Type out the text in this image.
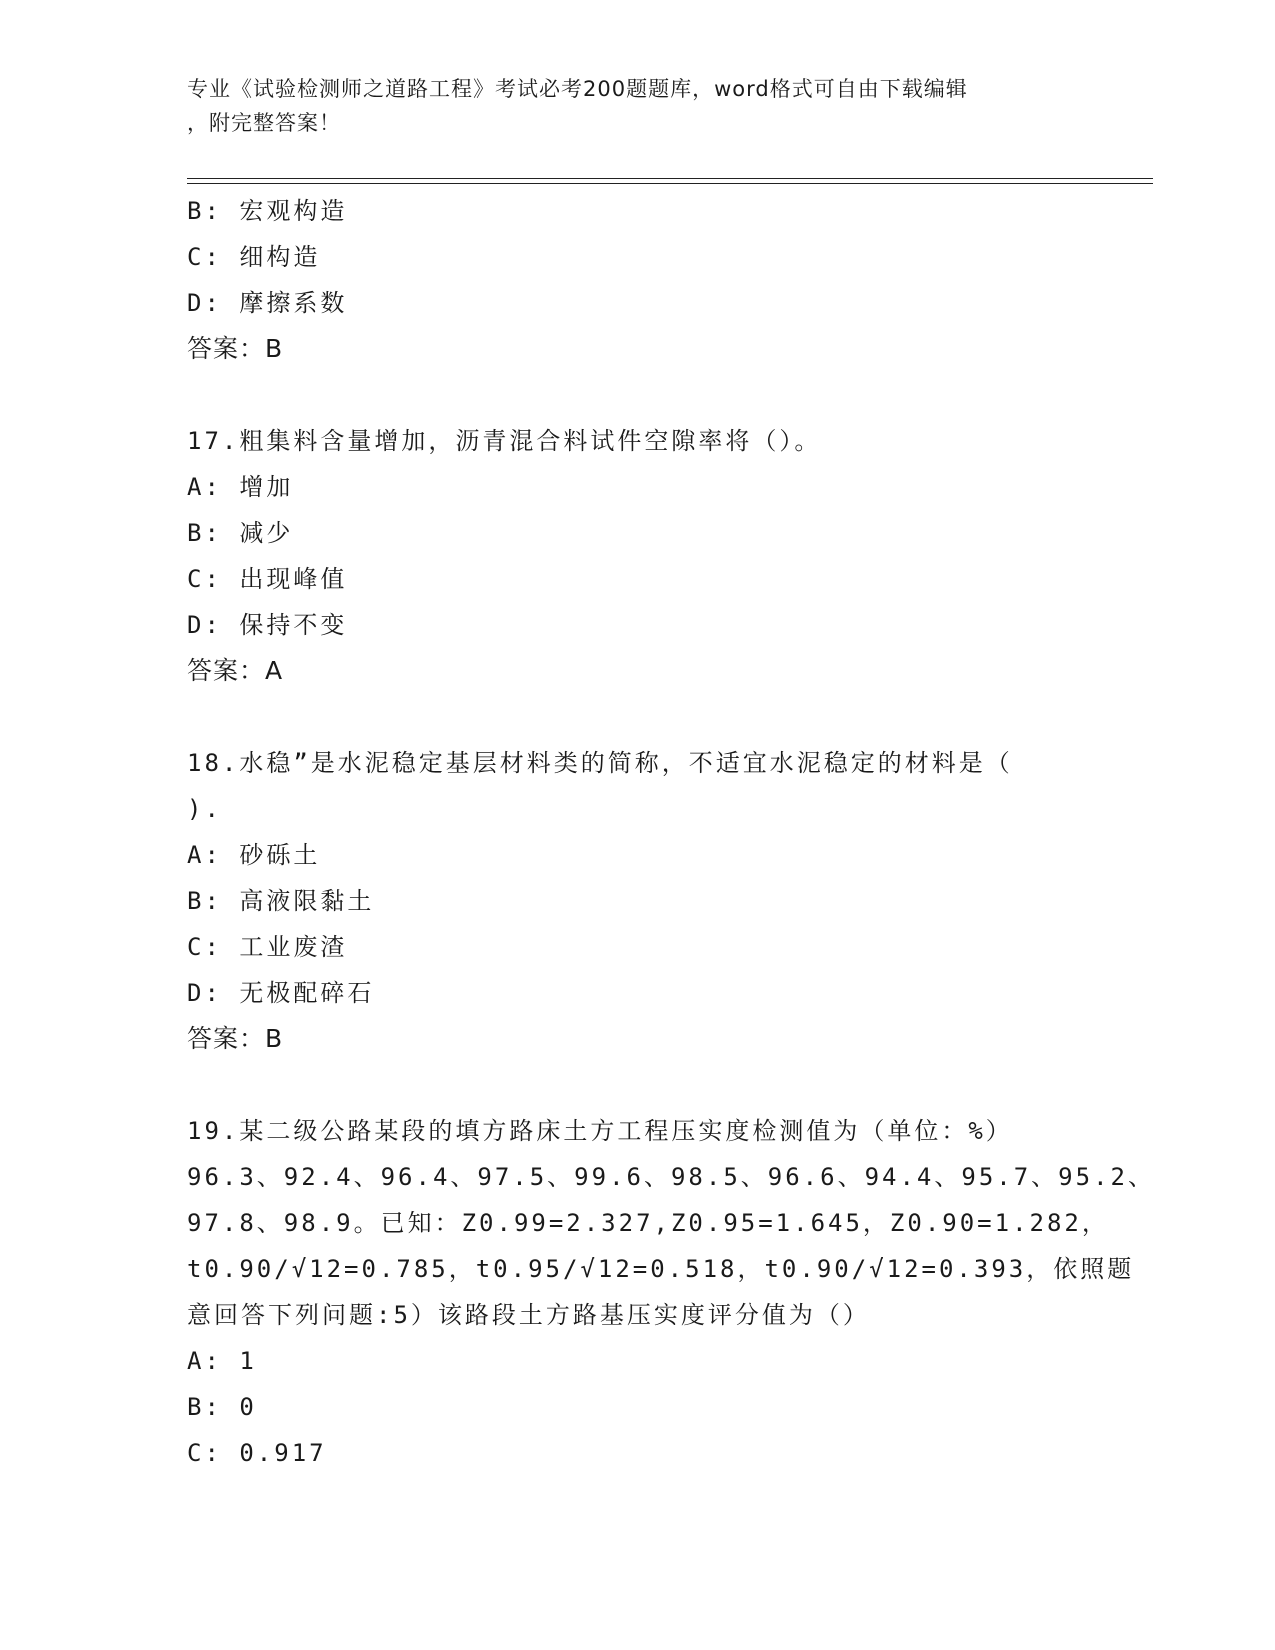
专业《试验检测师之道路工程》考试必考200题题库，word格式可自由下载编辑
，附完整答案！
B: 宏观构造
C: 细构造
D: 摩擦系数
答案：B
17.粗集料含量增加，沥青混合料试件空隙率将（）。
A: 增加
B: 减少
C: 出现峰值
D: 保持不变
答案：A
18.水稳”是水泥稳定基层材料类的简称，不适宜水泥稳定的材料是（
).
A: 砂砾土
B: 高液限黏土
C: 工业废渣
D: 无极配碎石
答案：B
19.某二级公路某段的填方路床土方工程压实度检测值为（单位：%）
96.3、92.4、96.4、97.5、99.6、98.5、96.6、94.4、95.7、95.2、
97.8、98.9。已知：Z0.99=2.327,Z0.95=1.645，Z0.90=1.282，
t0.90/√12=0.785，t0.95/√12=0.518，t0.90/√12=0.393，依照题
意回答下列问题:5）该路段土方路基压实度评分值为（）
A: 1
B: 0
C: 0.917
